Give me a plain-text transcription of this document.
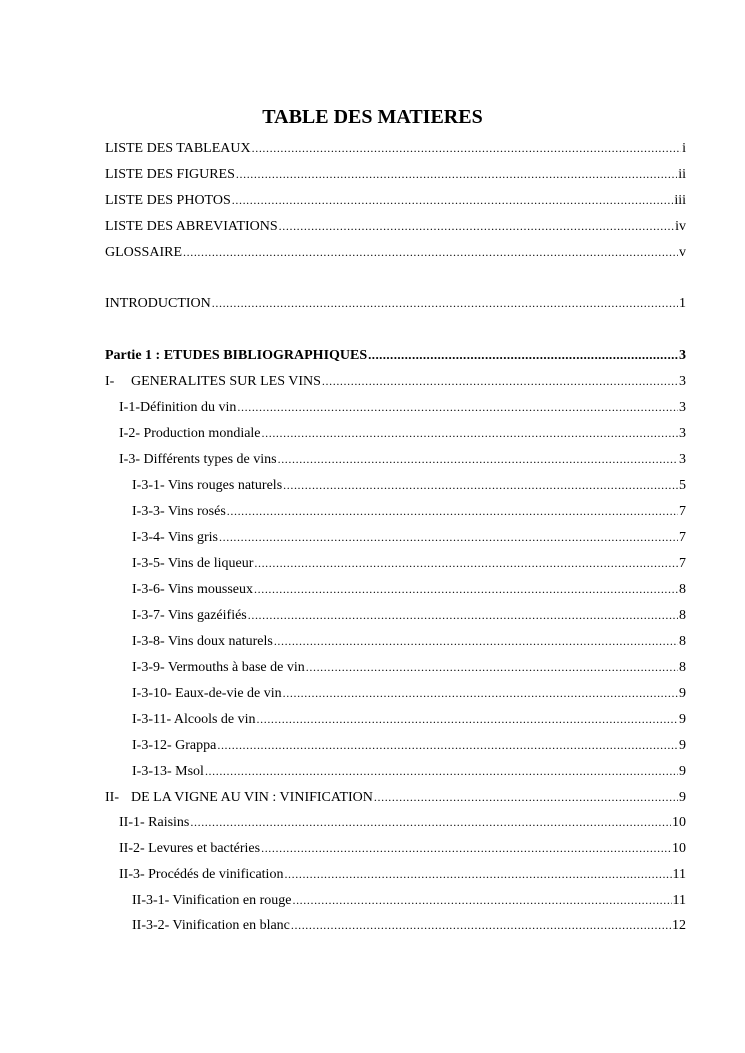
TABLE DES MATIERES
LISTE DES TABLEAUX .....	i
LISTE DES FIGURES .....	ii
LISTE DES PHOTOS .....	iii
LISTE DES ABREVIATIONS .....	iv
GLOSSAIRE .....	v
INTRODUCTION .....	1
Partie 1 : ETUDES BIBLIOGRAPHIQUES .....	3
I- GENERALITES SUR LES VINS .....	3
I-1-Définition du vin .....	3
I-2- Production mondiale .....	3
I-3- Différents types de vins .....	3
I-3-1- Vins rouges naturels .....	5
I-3-3- Vins rosés .....	7
I-3-4- Vins gris .....	7
I-3-5- Vins de liqueur .....	7
I-3-6- Vins mousseux .....	8
I-3-7- Vins gazéifiés .....	8
I-3-8- Vins doux naturels .....	8
I-3-9- Vermouths à base de vin .....	8
I-3-10- Eaux-de-vie de vin .....	9
I-3-11- Alcools de vin .....	9
I-3-12- Grappa .....	9
I-3-13- Msol .....	9
II- DE LA VIGNE AU VIN : VINIFICATION .....	9
II-1- Raisins .....	10
II-2- Levures et bactéries .....	10
II-3- Procédés de vinification .....	11
II-3-1- Vinification en rouge .....	11
II-3-2- Vinification en blanc .....	12
